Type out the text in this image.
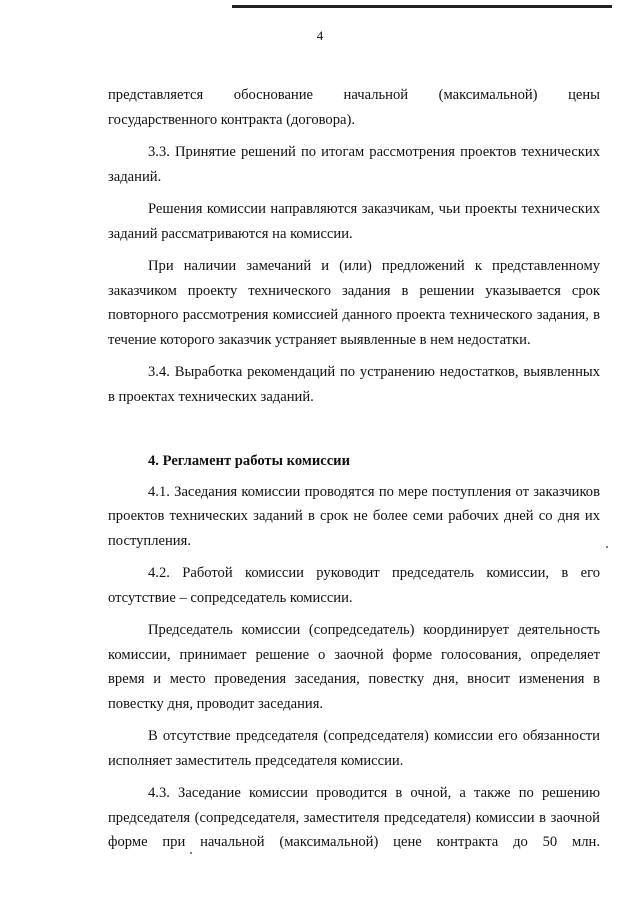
4

представляется обоснование начальной (максимальной) цены государственного контракта (договора).

3.3. Принятие решений по итогам рассмотрения проектов технических заданий.

Решения комиссии направляются заказчикам, чьи проекты технических заданий рассматриваются на комиссии.

При наличии замечаний и (или) предложений к представленному заказчиком проекту технического задания в решении указывается срок повторного рассмотрения комиссией данного проекта технического задания, в течение которого заказчик устраняет выявленные в нем недостатки.

3.4. Выработка рекомендаций по устранению недостатков, выявленных в проектах технических заданий.

4. Регламент работы комиссии

4.1. Заседания комиссии проводятся по мере поступления от заказчиков проектов технических заданий в срок не более семи рабочих дней со дня их поступления.

4.2. Работой комиссии руководит председатель комиссии, в его отсутствие – сопредседатель комиссии.

Председатель комиссии (сопредседатель) координирует деятельность комиссии, принимает решение о заочной форме голосования, определяет время и место проведения заседания, повестку дня, вносит изменения в повестку дня, проводит заседания.

В отсутствие председателя (сопредседателя) комиссии его обязанности исполняет заместитель председателя комиссии.

4.3. Заседание комиссии проводится в очной, а также по решению председателя (сопредседателя, заместителя председателя) комиссии в заочной форме при начальной (максимальной) цене контракта до 50 млн.
